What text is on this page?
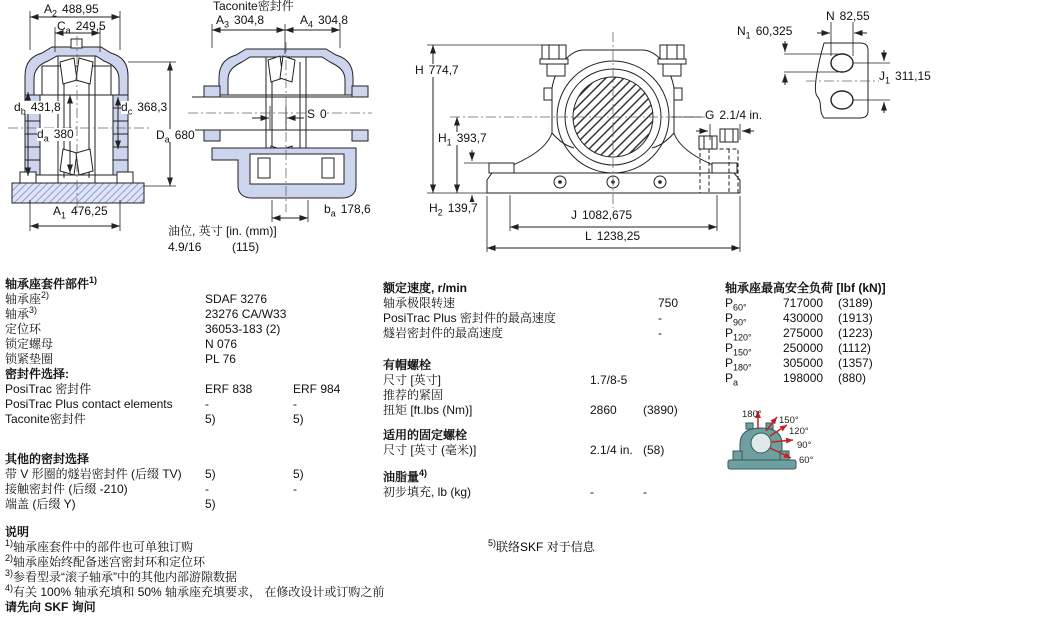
$A_2$ 488,95
$C_a$ 249,5
$d_b$ 431,8
$d_a$ 380
$d_c$ 368,3
$D_a$ 680
$A_1$ 476,25
Taconite密封件
$A_3$ 304,8	$A_4$ 304,8
S 0
$b_a$ 178,6
油位, 英寸 [in. (mm)]
4.9/16	(115)
H 774,7
$H_1$ 393,7
$H_2$ 139,7	J 1082,675
L 1238,25
G 2.1/4 in.
N 82,55
$N_1$ 60,325
$J_1$ 311,15
轴承座套件部件$^{1)}$
轴承座$^{2)}$	SDAF 3276
轴承$^{3)}$	23276 CA/W33
定位环	36053-183 (2)
锁定螺母	N 076
锁紧垫圈	PL 76
密封件选择:
PosiTrac 密封件	ERF 838	ERF 984
PosiTrac Plus contact elements	-	-
Taconite密封件	5)	5)
其他的密封选择
带 V 形圈的燧岩密封件 (后缀 TV)	5)	5)
接触密封件 (后缀 -210)	-	-
端盖 (后缀 Y)	5)
说明
$^{1)}$轴承座套件中的部件也可单独订购
$^{2)}$轴承座始终配备迷宫密封环和定位环
$^{3)}$参看型录“滚子轴承”中的其他内部游隙数据
$^{4)}$有关 100% 轴承充填和 50% 轴承座充填要求， 在修改设计或订购之前
请先向 SKF 询问
额定速度, r/min
轴承极限转速	750
PosiTrac Plus 密封件的最高速度	-
燧岩密封件的最高速度	-
有帽螺栓
尺寸 [英寸]	1.7/8-5
推荐的紧固
扭矩 [ft.lbs (Nm)]	2860	(3890)
适用的固定螺栓
尺寸 [英寸 (毫米)]	2.1/4 in. (58)
油脂量$^{4)}$
初步填充, lb (kg)	-	-
轴承座最高安全负荷 [lbf (kN)]
$P_{60^\circ}$	717000	(3189)
$P_{90^\circ}$	430000	(1913)
$P_{120^\circ}$	275000	(1223)
$P_{150^\circ}$	250000	(1112)
$P_{180^\circ}$	305000	(1357)
$P_a$	198000	(880)
$^{5)}$联络SKF 对于信息
180°
150°
120°
90°
60°
